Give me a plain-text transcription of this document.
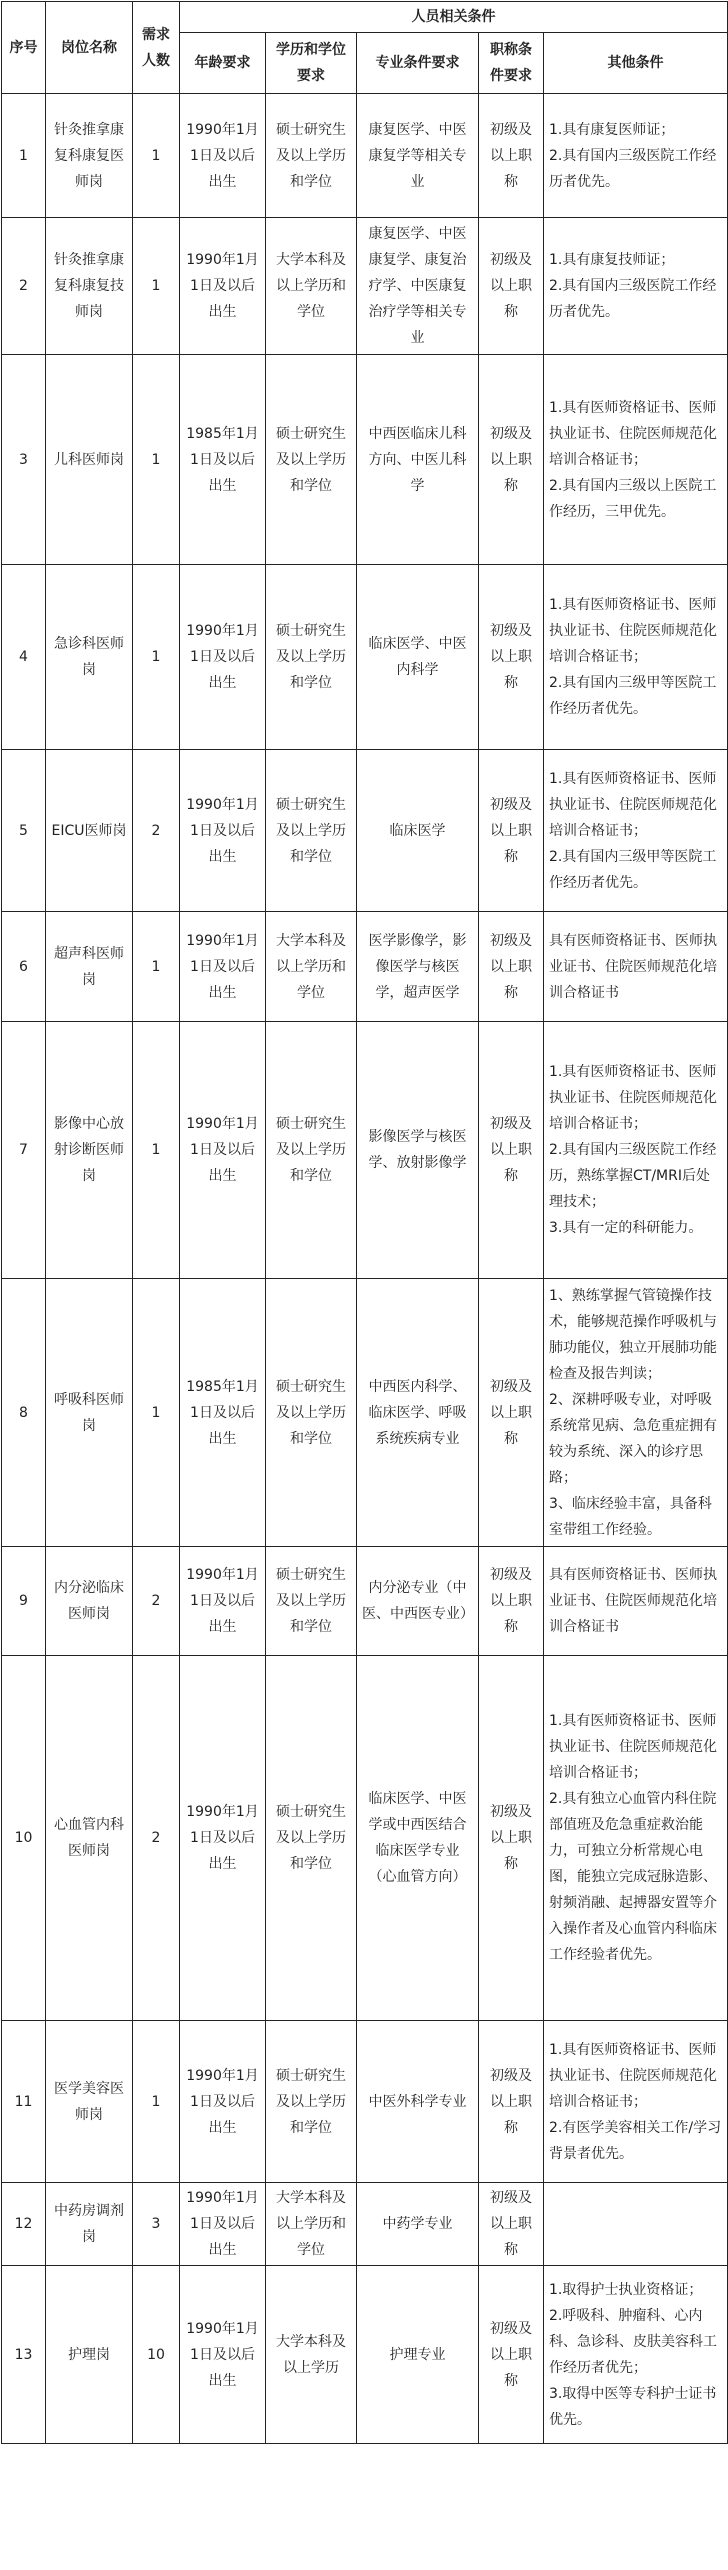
序号	岗位名称	需求人数	人员相关条件				
			年龄要求	学历和学位要求	专业条件要求	职称条件要求	其他条件
1	针灸推拿康复科康复医师岗	1	1990年1月1日及以后出生	硕士研究生及以上学历和学位	康复医学、中医康复学等相关专业	初级及以上职称	1.具有康复医师证；
2.具有国内三级医院工作经历者优先。
2	针灸推拿康复科康复技师岗	1	1990年1月1日及以后出生	大学本科及以上学历和学位	康复医学、中医康复学、康复治疗学、中医康复治疗学等相关专业	初级及以上职称	1.具有康复技师证；
2.具有国内三级医院工作经历者优先。
3	儿科医师岗	1	1985年1月1日及以后出生	硕士研究生及以上学历和学位	中西医临床儿科方向、中医儿科学	初级及以上职称	1.具有医师资格证书、医师执业证书、住院医师规范化培训合格证书；
2.具有国内三级以上医院工作经历，三甲优先。
4	急诊科医师岗	1	1990年1月1日及以后出生	硕士研究生及以上学历和学位	临床医学、中医内科学	初级及以上职称	1.具有医师资格证书、医师执业证书、住院医师规范化培训合格证书；
2.具有国内三级甲等医院工作经历者优先。
5	EICU医师岗	2	1990年1月1日及以后出生	硕士研究生及以上学历和学位	临床医学	初级及以上职称	1.具有医师资格证书、医师执业证书、住院医师规范化培训合格证书；
2.具有国内三级甲等医院工作经历者优先。
6	超声科医师岗	1	1990年1月1日及以后出生	大学本科及以上学历和学位	医学影像学，影像医学与核医学，超声医学	初级及以上职称	具有医师资格证书、医师执业证书、住院医师规范化培训合格证书
7	影像中心放射诊断医师岗	1	1990年1月1日及以后出生	硕士研究生及以上学历和学位	影像医学与核医学、放射影像学	初级及以上职称	1.具有医师资格证书、医师执业证书、住院医师规范化培训合格证书；
2.具有国内三级医院工作经历，熟练掌握CT/MRI后处理技术；
3.具有一定的科研能力。
8	呼吸科医师岗	1	1985年1月1日及以后出生	硕士研究生及以上学历和学位	中西医内科学、临床医学、呼吸系统疾病专业	初级及以上职称	1、熟练掌握气管镜操作技术，能够规范操作呼吸机与肺功能仪，独立开展肺功能检查及报告判读；
2、深耕呼吸专业，对呼吸系统常见病、急危重症拥有较为系统、深入的诊疗思路；
3、临床经验丰富，具备科室带组工作经验。
9	内分泌临床医师岗	2	1990年1月1日及以后出生	硕士研究生及以上学历和学位	内分泌专业（中医、中西医专业）	初级及以上职称	具有医师资格证书、医师执业证书、住院医师规范化培训合格证书
10	心血管内科医师岗	2	1990年1月1日及以后出生	硕士研究生及以上学历和学位	临床医学、中医学或中西医结合临床医学专业（心血管方向）	初级及以上职称	1.具有医师资格证书、医师执业证书、住院医师规范化培训合格证书；
2.具有独立心血管内科住院部值班及危急重症救治能力，可独立分析常规心电图，能独立完成冠脉造影、射频消融、起搏器安置等介入操作者及心血管内科临床工作经验者优先。
11	医学美容医师岗	1	1990年1月1日及以后出生	硕士研究生及以上学历和学位	中医外科学专业	初级及以上职称	1.具有医师资格证书、医师执业证书、住院医师规范化培训合格证书；
2.有医学美容相关工作/学习背景者优先。
12	中药房调剂岗	3	1990年1月1日及以后出生	大学本科及以上学历和学位	中药学专业	初级及以上职称	
13	护理岗	10	1990年1月1日及以后出生	大学本科及以上学历	护理专业	初级及以上职称	1.取得护士执业资格证；
2.呼吸科、肿瘤科、心内科、急诊科、皮肤美容科工作经历者优先；
3.取得中医等专科护士证书优先。
